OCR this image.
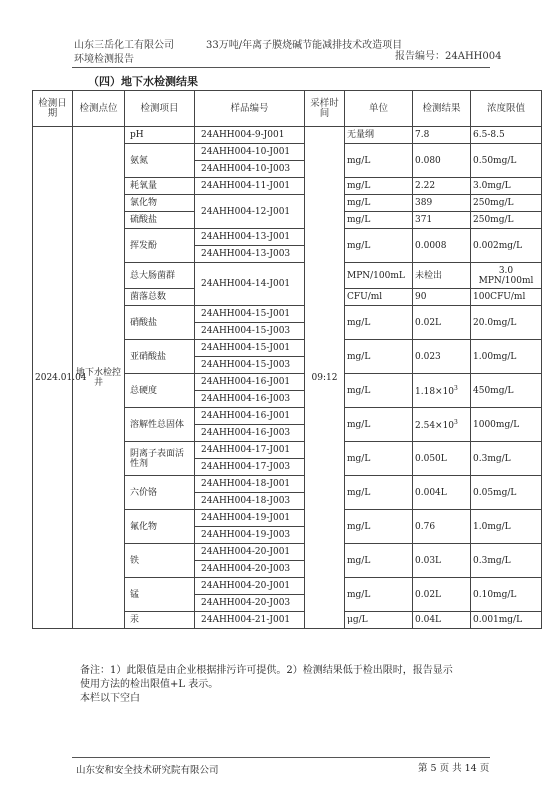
山东三岳化工有限公司	33万吨/年离子膜烧碱节能减排技术改造项目
环境检测报告	报告编号：24AHH004
（四）地下水检测结果
检测日期	检测点位	检测项目	样品编号	采样时间	单位	检测结果	浓度限值
2024.01.04	地下水检控井	pH	24AHH004-9-J001	09:12	无量纲	7.8	6.5-8.5
		氨氮	24AHH004-10-J001		mg/L	0.080	0.50mg/L
			24AHH004-10-J003				
		耗氧量	24AHH004-11-J001		mg/L	2.22	3.0mg/L
		氯化物	24AHH004-12-J001		mg/L	389	250mg/L
		硫酸盐			mg/L	371	250mg/L
		挥发酚	24AHH004-13-J001		mg/L	0.0008	0.002mg/L
			24AHH004-13-J003				
		总大肠菌群	24AHH004-14-J001		MPN/100mL	未检出	3.0 MPN/100ml
		菌落总数			CFU/ml	90	100CFU/ml
		硝酸盐	24AHH004-15-J001		mg/L	0.02L	20.0mg/L
			24AHH004-15-J003				
		亚硝酸盐	24AHH004-15-J001		mg/L	0.023	1.00mg/L
			24AHH004-15-J003				
		总硬度	24AHH004-16-J001		mg/L	$1.18\times 10^3$	450mg/L
			24AHH004-16-J003				
		溶解性总固体	24AHH004-16-J001		mg/L	$2.54\times 10^3$	1000mg/L
			24AHH004-16-J003				
		阴离子表面活性剂	24AHH004-17-J001		mg/L	0.050L	0.3mg/L
			24AHH004-17-J003				
		六价铬	24AHH004-18-J001		mg/L	0.004L	0.05mg/L
			24AHH004-18-J003				
		氟化物	24AHH004-19-J001		mg/L	0.76	1.0mg/L
			24AHH004-19-J003				
		铁	24AHH004-20-J001		mg/L	0.03L	0.3mg/L
			24AHH004-20-J003				
		锰	24AHH004-20-J001		mg/L	0.02L	0.10mg/L
			24AHH004-20-J003				
		汞	24AHH004-21-J001		μg/L	0.04L	0.001mg/L
备注：1）此限值是由企业根据排污许可提供。2）检测结果低于检出限时，报告显示
使用方法的检出限值+L 表示。
本栏以下空白
山东安和安全技术研究院有限公司	第 5 页 共 14 页
